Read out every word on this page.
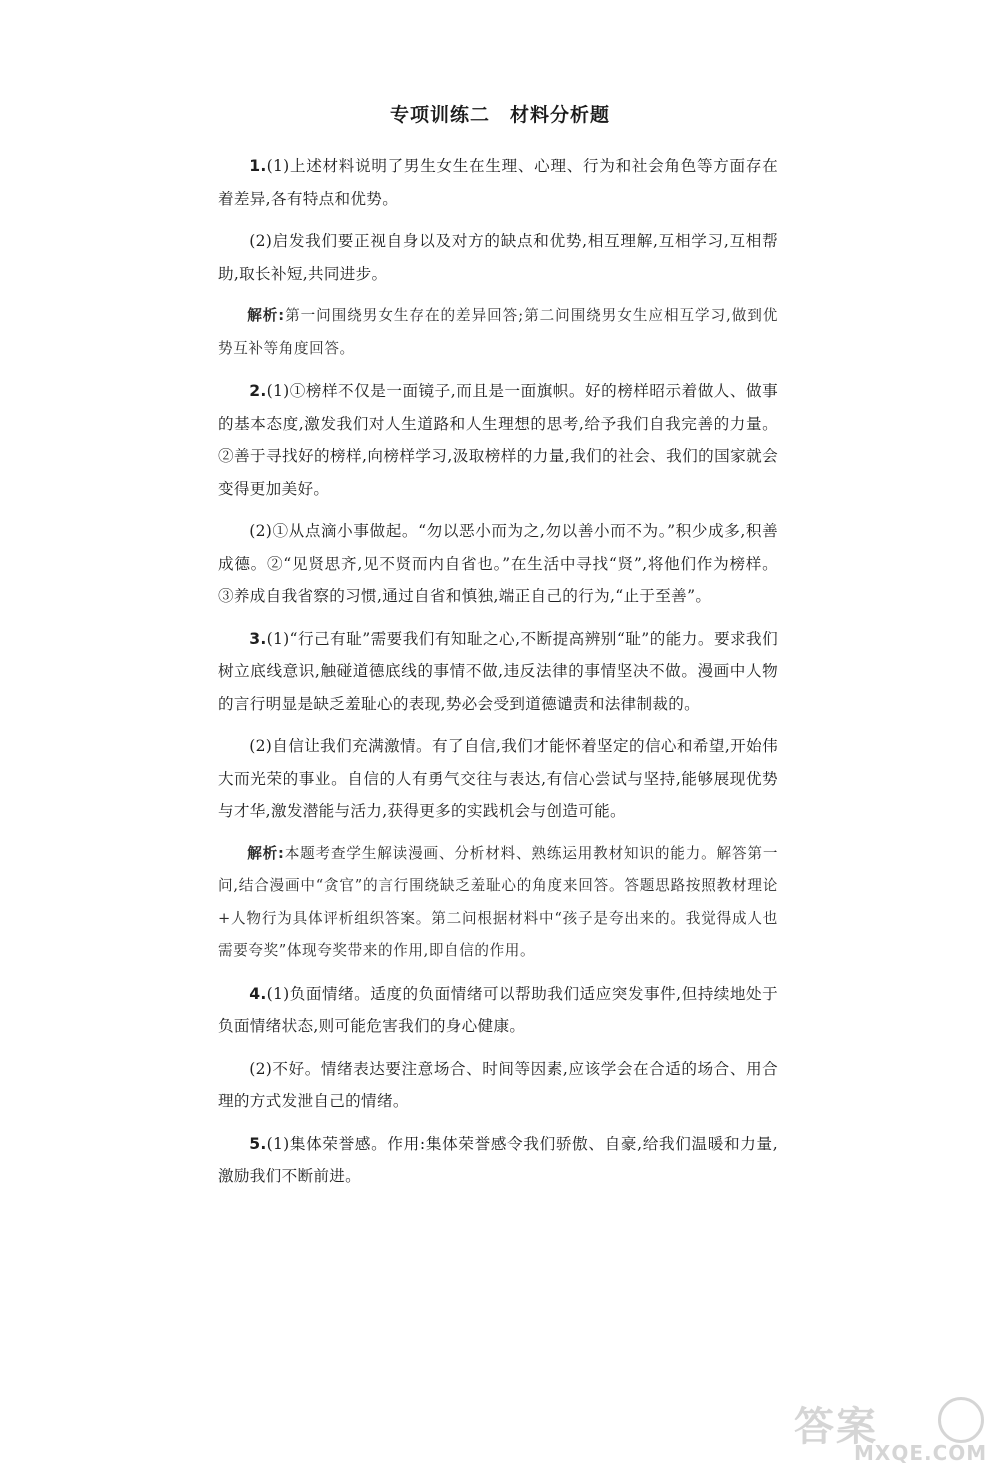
专项训练二 材料分析题

1.(1)上述材料说明了男生女生在生理、心理、行为和社会角色等方面存在着差异,各有特点和优势。

(2)启发我们要正视自身以及对方的缺点和优势,相互理解,互相学习,互相帮助,取长补短,共同进步。

解析:第一问围绕男女生存在的差异回答;第二问围绕男女生应相互学习,做到优势互补等角度回答。

2.(1)①榜样不仅是一面镜子,而且是一面旗帜。好的榜样昭示着做人、做事的基本态度,激发我们对人生道路和人生理想的思考,给予我们自我完善的力量。②善于寻找好的榜样,向榜样学习,汲取榜样的力量,我们的社会、我们的国家就会变得更加美好。

(2)①从点滴小事做起。“勿以恶小而为之,勿以善小而不为。”积少成多,积善成德。②“见贤思齐,见不贤而内自省也。”在生活中寻找“贤”,将他们作为榜样。③养成自我省察的习惯,通过自省和慎独,端正自己的行为,“止于至善”。

3.(1)“行己有耻”需要我们有知耻之心,不断提高辨别“耻”的能力。要求我们树立底线意识,触碰道德底线的事情不做,违反法律的事情坚决不做。漫画中人物的言行明显是缺乏羞耻心的表现,势必会受到道德谴责和法律制裁的。

(2)自信让我们充满激情。有了自信,我们才能怀着坚定的信心和希望,开始伟大而光荣的事业。自信的人有勇气交往与表达,有信心尝试与坚持,能够展现优势与才华,激发潜能与活力,获得更多的实践机会与创造可能。

解析:本题考查学生解读漫画、分析材料、熟练运用教材知识的能力。解答第一问,结合漫画中“贪官”的言行围绕缺乏羞耻心的角度来回答。答题思路按照教材理论+人物行为具体评析组织答案。第二问根据材料中“孩子是夸出来的。我觉得成人也需要夸奖”体现夸奖带来的作用,即自信的作用。

4.(1)负面情绪。适度的负面情绪可以帮助我们适应突发事件,但持续地处于负面情绪状态,则可能危害我们的身心健康。

(2)不好。情绪表达要注意场合、时间等因素,应该学会在合适的场合、用合理的方式发泄自己的情绪。

5.(1)集体荣誉感。作用:集体荣誉感令我们骄傲、自豪,给我们温暖和力量,激励我们不断前进。

答案
MXQE.COM
